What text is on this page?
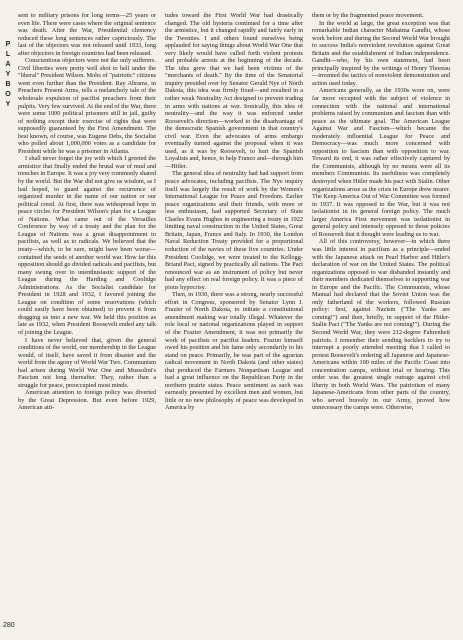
P
L
A
Y
B
O
Y
280

sent to military prisons for long terms—25 years or even life. There were cases where the original sentence was death. After the War, Presidential clemency reduced these long sentences rather capriciously. The last of the objectors was not released until 1933, long after objectors in foreign countries had been released.

Conscientious objectors were not the only sufferers. Civil liberties were pretty well shot to hell under the "liberal" President Wilson. Mobs of "patriotic" citizens went even further than the President. Ray Abrams, in Preachers Present Arms, tells a melancholy tale of the wholesale expulsion of pacifist preachers from their pulpits. Very few survived. At the end of the War, there were some 1000 political prisoners still in jail, guilty of nothing except their exercise of rights that were supposedly guaranteed by the First Amendment. The best known, of course, was Eugene Debs, the Socialist who polled about 1,000,000 votes as a candidate for President while he was a prisoner in Atlanta.

I shall never forget the joy with which I greeted the armistice that finally ended the brutal war of mud and trenches in Europe. It was a joy very commonly shared by the world. But the War did not give us wisdom, as I had hoped, to guard against the recurrence of organized murder in the name of our nation or our political creed. At first, there was widespread hope in peace circles for President Wilson's plan for a League of Nations. What came out of the Versailles Conference by way of a treaty and the plan for the League of Nations was a great disappointment to pacifists, as well as to radicals. We believed that the treaty—which, to be sure, might have been worse—contained the seeds of another world war. How far this opposition should go divided radicals and pacifists, but many swung over to unenthusiastic support of the League during the Harding and Coolidge Administrations. As the Socialist candidate for President in 1928 and 1932, I favored joining the League on condition of some reservations (which could easily have been obtained) to prevent it from dragging us into a new war. We held this position as late as 1932, when President Roosevelt ended any talk of joining the League.

I have never believed that, given the general conditions of the world, our membership in the League would, of itself, have saved it from disaster and the world from the agony of World War Two. Communism had arisen during World War One and Mussolini's Fascism not long thereafter. They, rather than a struggle for peace, preoccupied most minds.

American attention to foreign policy was diverted by the Great Depression. But even before 1929, American atti-

tudes toward the First World War had drastically changed. The old hysteria continued for a time after the armistice, but it changed rapidly and fairly early in the Twenties. I and others found ourselves being applauded for saying things about World War One that very likely would have called forth violent protests and probable arrests at the beginning of the decade. The idea grew that we had been victims of the "merchants of death." By the time of the Senatorial inquiry presided over by Senator Gerald Nye of North Dakota, this idea was firmly fixed—and resulted in a rather weak Neutrality Act designed to prevent trading in arms with nations at war. Ironically, this idea of neutrality—and the way it was enforced under Roosevelt's direction—worked to the disadvantage of the democratic Spanish government in that country's civil war. Even the advocates of arms embargo eventually turned against the proposal when it was used, as it was by Roosevelt, to hurt the Spanish Loyalists and, hence, to help Franco and—through him—Hitler.

The general idea of neutrality had had support from peace advocates, including pacifists. The Nye inquiry itself was largely the result of work by the Women's International League for Peace and Freedom. Earlier peace organizations and their friends, with more or less enthusiasm, had supported Secretary of State Charles Evans Hughes in engineering a treaty in 1922 limiting naval construction in the United States, Great Britain, Japan, France and Italy. In 1930, the London Naval Reduction Treaty provided for a proportional reduction of the navies of these five countries. Under President Coolidge, we were treated to the Kellogg-Briand Pact, signed by practically all nations. The Pact renounced war as an instrument of policy but never had any effect on real foreign policy. It was a piece of pious hypocrisy.

Then, in 1930, there was a strong, nearly successful effort in Congress, sponsored by Senator Lynn J. Frazier of North Dakota, to initiate a constitutional amendment making war totally illegal. Whatever the role local or national organizations played in support of the Frazier Amendment, it was not primarily the work of pacifists or pacifist leaders. Frazier himself owed his position and his fame only secondarily to his stand on peace. Primarily, he was part of the agrarian radical movement in North Dakota (and other states) that produced the Farmers Nonpartisan League and had a great influence on the Republican Party in the northern prairie states. Peace sentiment as such was earnestly presented by excellent men and women, but little or no new philosophy of peace was developed in America by

them or by the fragmented peace movement.

In the world at large, the great exception was that remarkable Indian character Mahatma Gandhi, whose work before and during the Second World War brought to success India's nonviolent revolution against Great Britain and the establishment of Indian independence. Gandhi—who, by his own statement, had been principally inspired by the writings of Henry Thoreau—invented the tactics of nonviolent demonstration and action used today.

Americans generally, as the 1930s wore on, were far more occupied with the subject of violence in connection with the national and international problems raised by communism and fascism than with peace as the ultimate goal. The American League Against War and Fascism—which became the moderately influential League for Peace and Democracy—was much more concerned with opposition to fascism than with opposition to war. Toward its end, it was rather effectively captured by the Communists, although by no means were all its members Communists. Its usefulness was completely destroyed when Hitler made his pact with Stalin. Other organizations arose as the crisis in Europe drew nearer. The Keep America Out of War Committee was formed in 1937. It was opposed to the War, but it was not isolationist in its general foreign policy. The much larger America First movement was isolationist in general policy and intensely opposed to those policies of Roosevelt that it thought were leading us to war.

All of this controversy, however—in which there was little interest in pacifism as a principle—ended with the Japanese attack on Pearl Harbor and Hitler's declaration of war on the United States. The political organizations opposed to war disbanded instantly and their members dedicated themselves to supporting war in Europe and the Pacific. The Communists, whose Manual had declared that the Soviet Union was the only fatherland of the workers, followed Russian policy: first, against Nazism ("The Yanks are coming!") and then, briefly, in support of the Hitler-Stalin Pact ("The Yanks are not coming!"). During the Second World War, they were 212-degree Fahrenheit patriots. I remember their sending hecklers to try to interrupt a poorly attended meeting that I called to protest Roosevelt's ordering all Japanese and Japanese-Americans within 100 miles of the Pacific Coast into concentration camps, without trial or hearing. This order was the greatest single outrage against civil liberty in both World Wars. The patriotism of many Japanese-Americans from other parts of the country, who served bravely in our Army, proved how unnecessary the camps were. Otherwise,
